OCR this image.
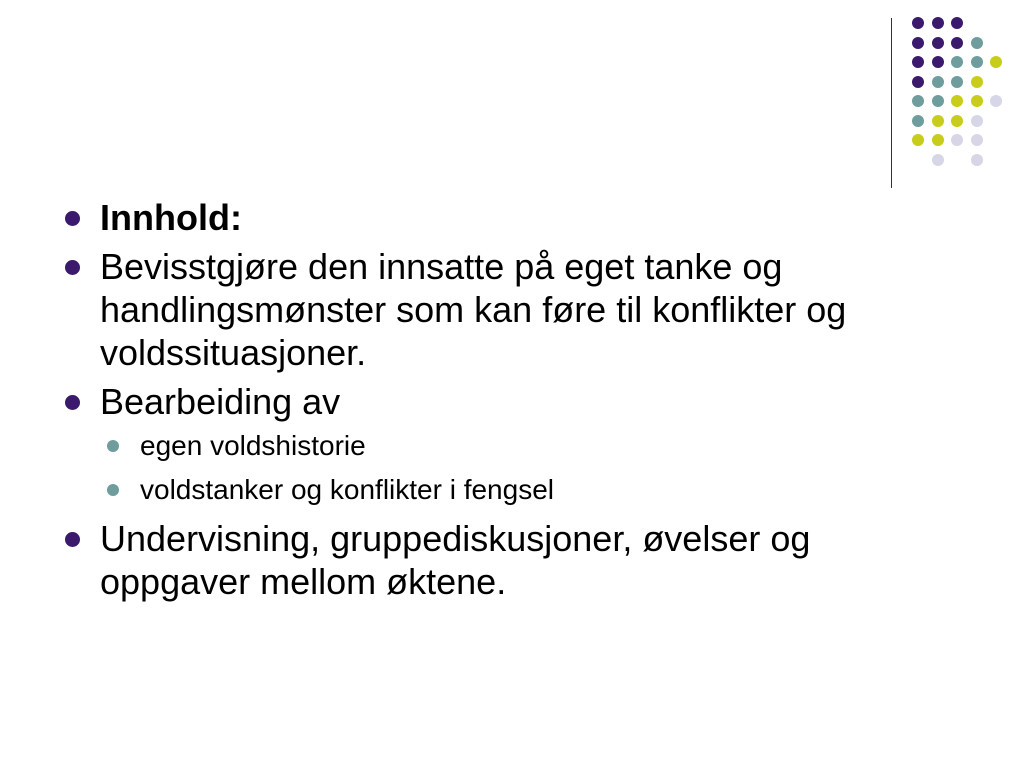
Innhold:
Bevisstgjøre den innsatte på eget tanke og handlingsmønster som kan føre til konflikter og voldssituasjoner.
Bearbeiding av
egen voldshistorie
voldstanker og konflikter i fengsel
Undervisning, gruppediskusjoner, øvelser og oppgaver mellom øktene.
